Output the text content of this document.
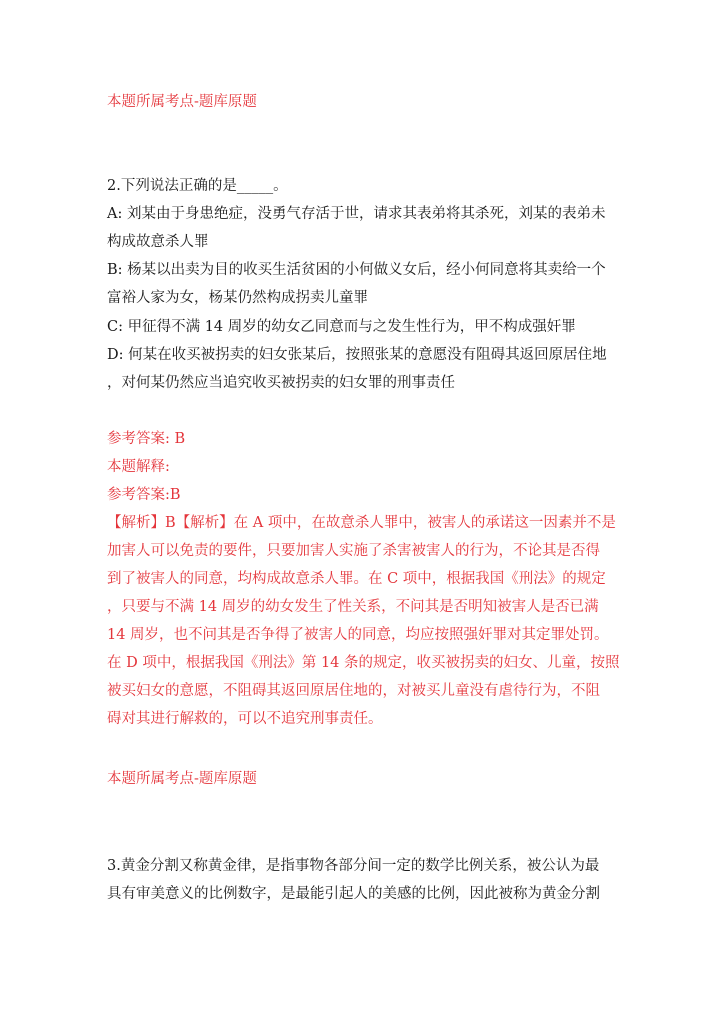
本题所属考点-题库原题
2.下列说法正确的是_____。
A: 刘某由于身患绝症，没勇气存活于世，请求其表弟将其杀死，刘某的表弟未
构成故意杀人罪
B: 杨某以出卖为目的收买生活贫困的小何做义女后，经小何同意将其卖给一个
富裕人家为女，杨某仍然构成拐卖儿童罪
C: 甲征得不满 14 周岁的幼女乙同意而与之发生性行为，甲不构成强奸罪
D: 何某在收买被拐卖的妇女张某后，按照张某的意愿没有阻碍其返回原居住地
，对何某仍然应当追究收买被拐卖的妇女罪的刑事责任
参考答案: B
本题解释:
参考答案:B
【解析】B【解析】在 A 项中，在故意杀人罪中，被害人的承诺这一因素并不是
加害人可以免责的要件，只要加害人实施了杀害被害人的行为，不论其是否得
到了被害人的同意，均构成故意杀人罪。在 C 项中，根据我国《刑法》的规定
，只要与不满 14 周岁的幼女发生了性关系，不问其是否明知被害人是否已满
14 周岁，也不问其是否争得了被害人的同意，均应按照强奸罪对其定罪处罚。
在 D 项中，根据我国《刑法》第 14 条的规定，收买被拐卖的妇女、儿童，按照
被买妇女的意愿，不阻碍其返回原居住地的，对被买儿童没有虐待行为，不阻
碍对其进行解救的，可以不追究刑事责任。
本题所属考点-题库原题
3.黄金分割又称黄金律，是指事物各部分间一定的数学比例关系，被公认为最
具有审美意义的比例数字，是最能引起人的美感的比例，因此被称为黄金分割
